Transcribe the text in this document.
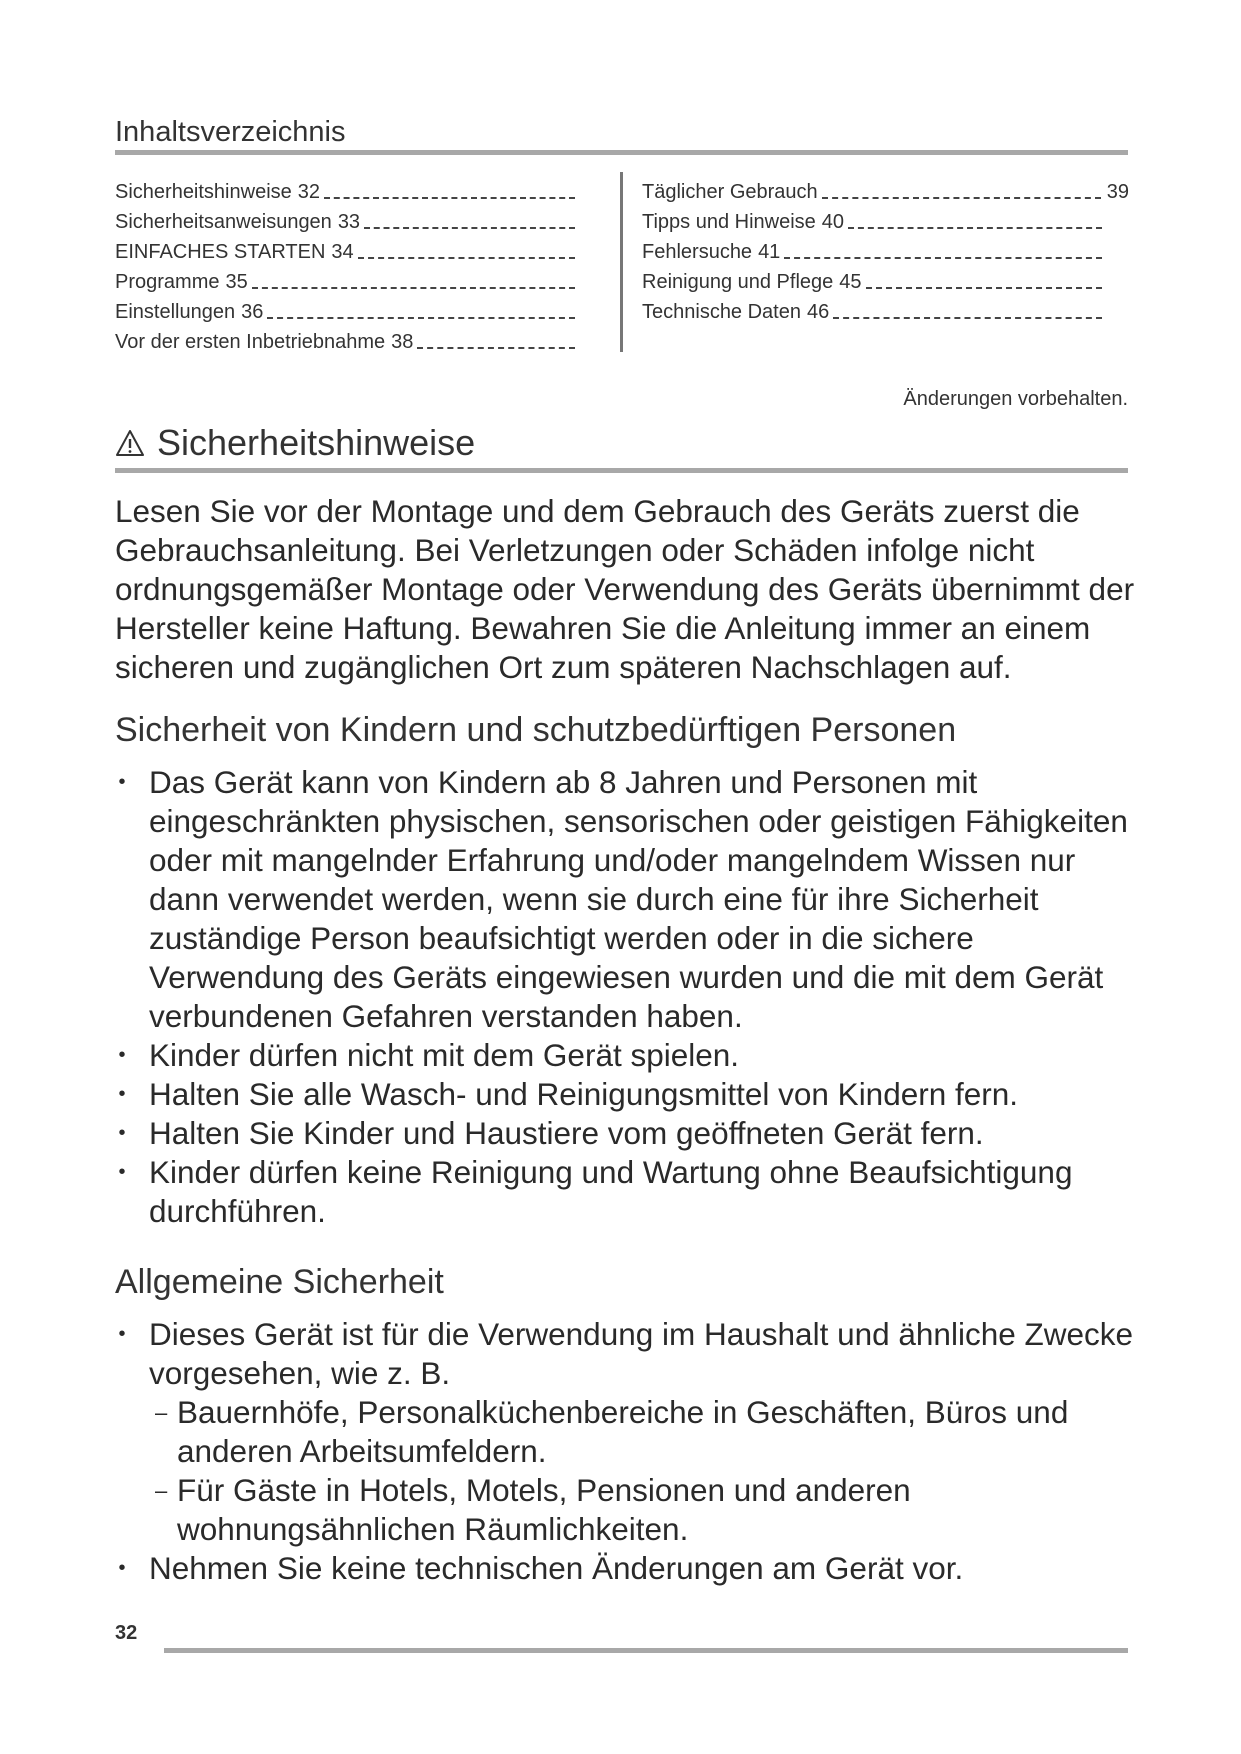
Inhaltsverzeichnis
Sicherheitshinweise 32
Sicherheitsanweisungen 33
EINFACHES STARTEN 34
Programme 35
Einstellungen 36
Vor der ersten Inbetriebnahme 38
Täglicher Gebrauch	39
Tipps und Hinweise 40
Fehlersuche 41
Reinigung und Pflege 45
Technische Daten 46
Änderungen vorbehalten.
Sicherheitshinweise
Lesen Sie vor der Montage und dem Gebrauch des Geräts zuerst die Gebrauchsanleitung. Bei Verletzungen oder Schäden infolge nicht ordnungsgemäßer Montage oder Verwendung des Geräts übernimmt der Hersteller keine Haftung. Bewahren Sie die Anleitung immer an einem sicheren und zugänglichen Ort zum späteren Nachschlagen auf.
Sicherheit von Kindern und schutzbedürftigen Personen
• Das Gerät kann von Kindern ab 8 Jahren und Personen mit eingeschränkten physischen, sensorischen oder geistigen Fähigkeiten oder mit mangelnder Erfahrung und/oder mangelndem Wissen nur dann verwendet werden, wenn sie durch eine für ihre Sicherheit zuständige Person beaufsichtigt werden oder in die sichere Verwendung des Geräts eingewiesen wurden und die mit dem Gerät verbundenen Gefahren verstanden haben.
• Kinder dürfen nicht mit dem Gerät spielen.
• Halten Sie alle Wasch- und Reinigungsmittel von Kindern fern.
• Halten Sie Kinder und Haustiere vom geöffneten Gerät fern.
• Kinder dürfen keine Reinigung und Wartung ohne Beaufsichtigung durchführen.
Allgemeine Sicherheit
• Dieses Gerät ist für die Verwendung im Haushalt und ähnliche Zwecke vorgesehen, wie z. B.
– Bauernhöfe, Personalküchenbereiche in Geschäften, Büros und anderen Arbeitsumfeldern.
– Für Gäste in Hotels, Motels, Pensionen und anderen wohnungsähnlichen Räumlichkeiten.
• Nehmen Sie keine technischen Änderungen am Gerät vor.
32
